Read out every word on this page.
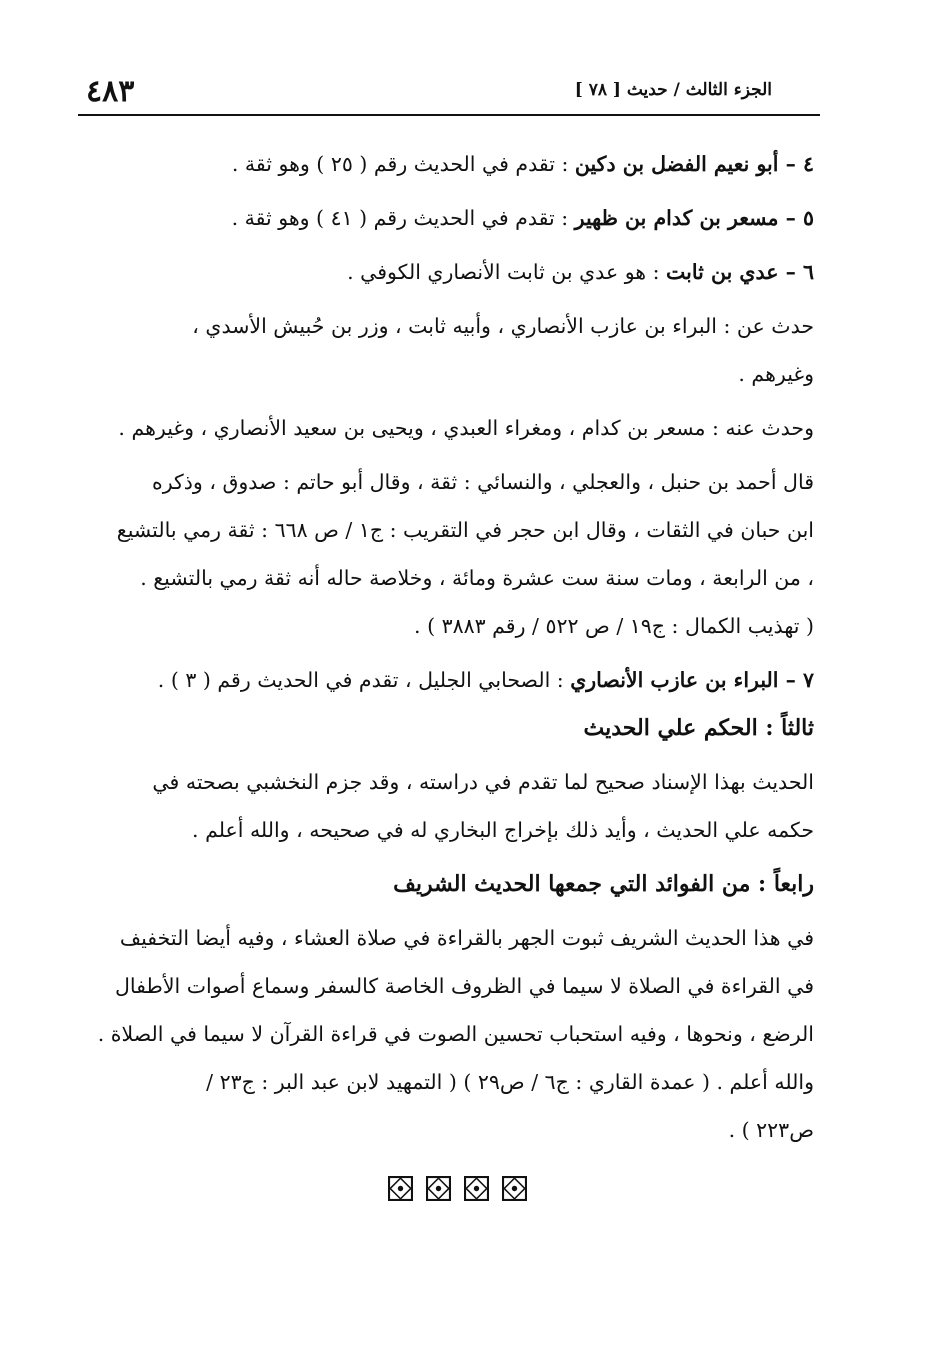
٤٨٣	الجزء الثالث / حديث [ ٧٨ ]
٤ – أبو نعيم الفضل بن دكين : تقدم في الحديث رقم ( ٢٥ ) وهو ثقة .
٥ – مسعر بن كدام بن ظهير : تقدم في الحديث رقم ( ٤١ ) وهو ثقة .
٦ – عدي بن ثابت : هو عدي بن ثابت الأنصاري الكوفي .
حدث عن : البراء بن عازب الأنصاري ، وأبيه ثابت ، وزر بن حُبيش الأسدي ،
وغيرهم .
وحدث عنه : مسعر بن كدام ، ومغراء العبدي ، ويحيى بن سعيد الأنصاري ، وغيرهم .
قال أحمد بن حنبل ، والعجلي ، والنسائي : ثقة ، وقال أبو حاتم : صدوق ، وذكره
ابن حبان في الثقات ، وقال ابن حجر في التقريب : ج١ / ص ٦٦٨ : ثقة رمي بالتشيع
، من الرابعة ، ومات سنة ست عشرة ومائة ، وخلاصة حاله أنه ثقة رمي بالتشيع .
( تهذيب الكمال : ج١٩ / ص ٥٢٢ / رقم ٣٨٨٣ ) .
٧ – البراء بن عازب الأنصاري : الصحابي الجليل ، تقدم في الحديث رقم ( ٣ ) .
ثالثاً : الحكم علي الحديث
الحديث بهذا الإسناد صحيح لما تقدم في دراسته ، وقد جزم النخشبي بصحته في
حكمه علي الحديث ، وأيد ذلك بإخراج البخاري له في صحيحه ، والله أعلم .
رابعاً : من الفوائد التي جمعها الحديث الشريف
في هذا الحديث الشريف ثبوت الجهر بالقراءة في صلاة العشاء ، وفيه أيضا التخفيف
في القراءة في الصلاة لا سيما في الظروف الخاصة كالسفر وسماع أصوات الأطفال
الرضع ، ونحوها ، وفيه استحباب تحسين الصوت في قراءة القرآن لا سيما في الصلاة .
والله أعلم . ( عمدة القاري : ج٦ / ص٢٩ ) ( التمهيد لابن عبد البر : ج٢٣ /
ص٢٢٣ ) .
